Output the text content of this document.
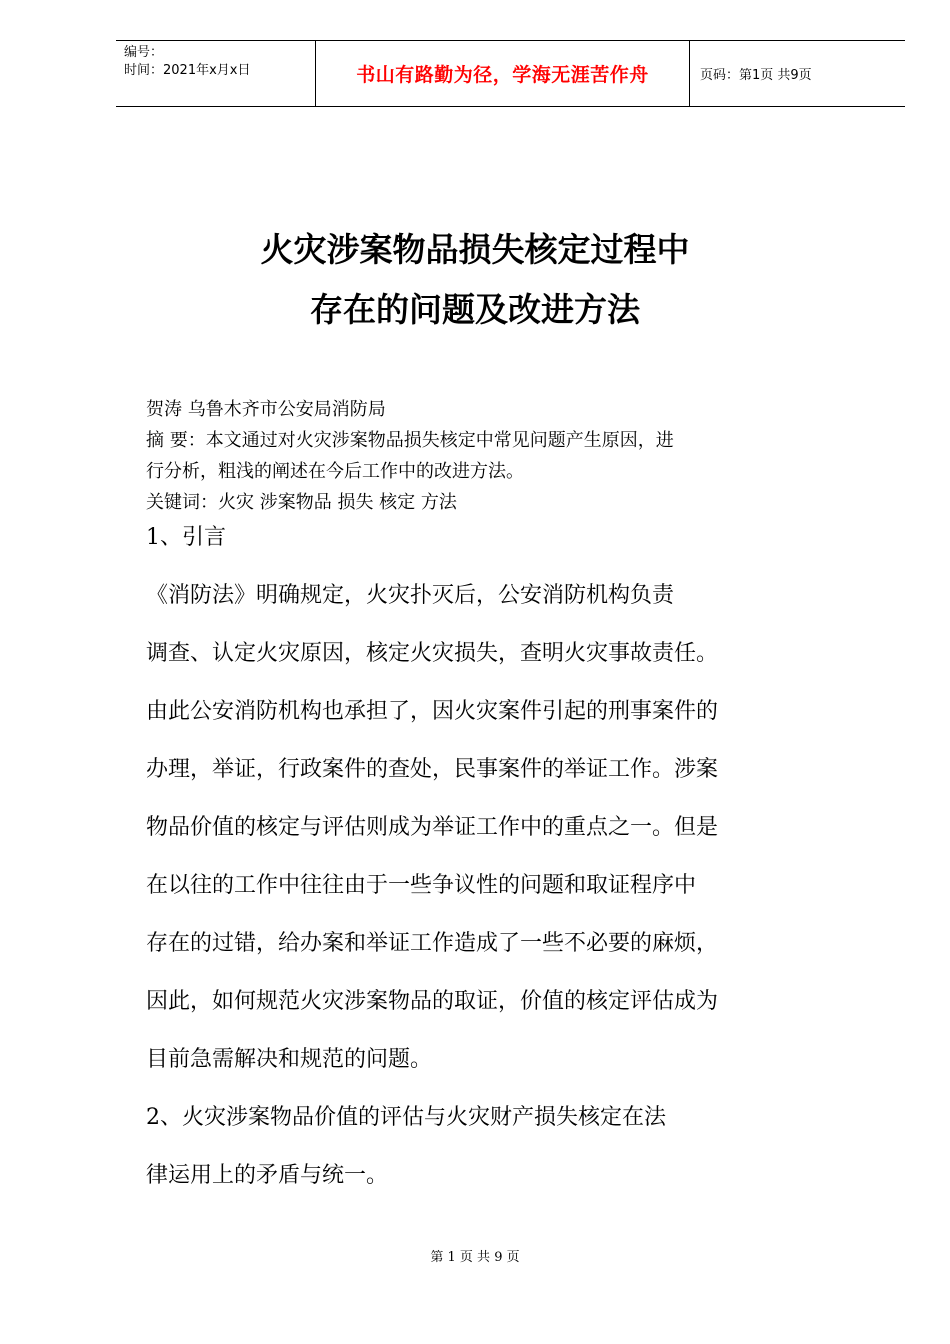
编号：
时间：2021年x月x日	书山有路勤为径，学海无涯苦作舟	页码：第1页 共9页
火灾涉案物品损失核定过程中
存在的问题及改进方法

贺涛 乌鲁木齐市公安局消防局

摘 要：本文通过对火灾涉案物品损失核定中常见问题产生原因，进

行分析，粗浅的阐述在今后工作中的改进方法。

关键词：火灾 涉案物品 损失 核定 方法

1、引言
《消防法》明确规定，火灾扑灭后，公安消防机构负责
调查、认定火灾原因，核定火灾损失，查明火灾事故责任。
由此公安消防机构也承担了，因火灾案件引起的刑事案件的
办理，举证，行政案件的查处，民事案件的举证工作。涉案
物品价值的核定与评估则成为举证工作中的重点之一。但是
在以往的工作中往往由于一些争议性的问题和取证程序中
存在的过错，给办案和举证工作造成了一些不必要的麻烦，
因此，如何规范火灾涉案物品的取证，价值的核定评估成为
目前急需解决和规范的问题。
2、火灾涉案物品价值的评估与火灾财产损失核定在法
律运用上的矛盾与统一。
第 1 页 共 9 页
